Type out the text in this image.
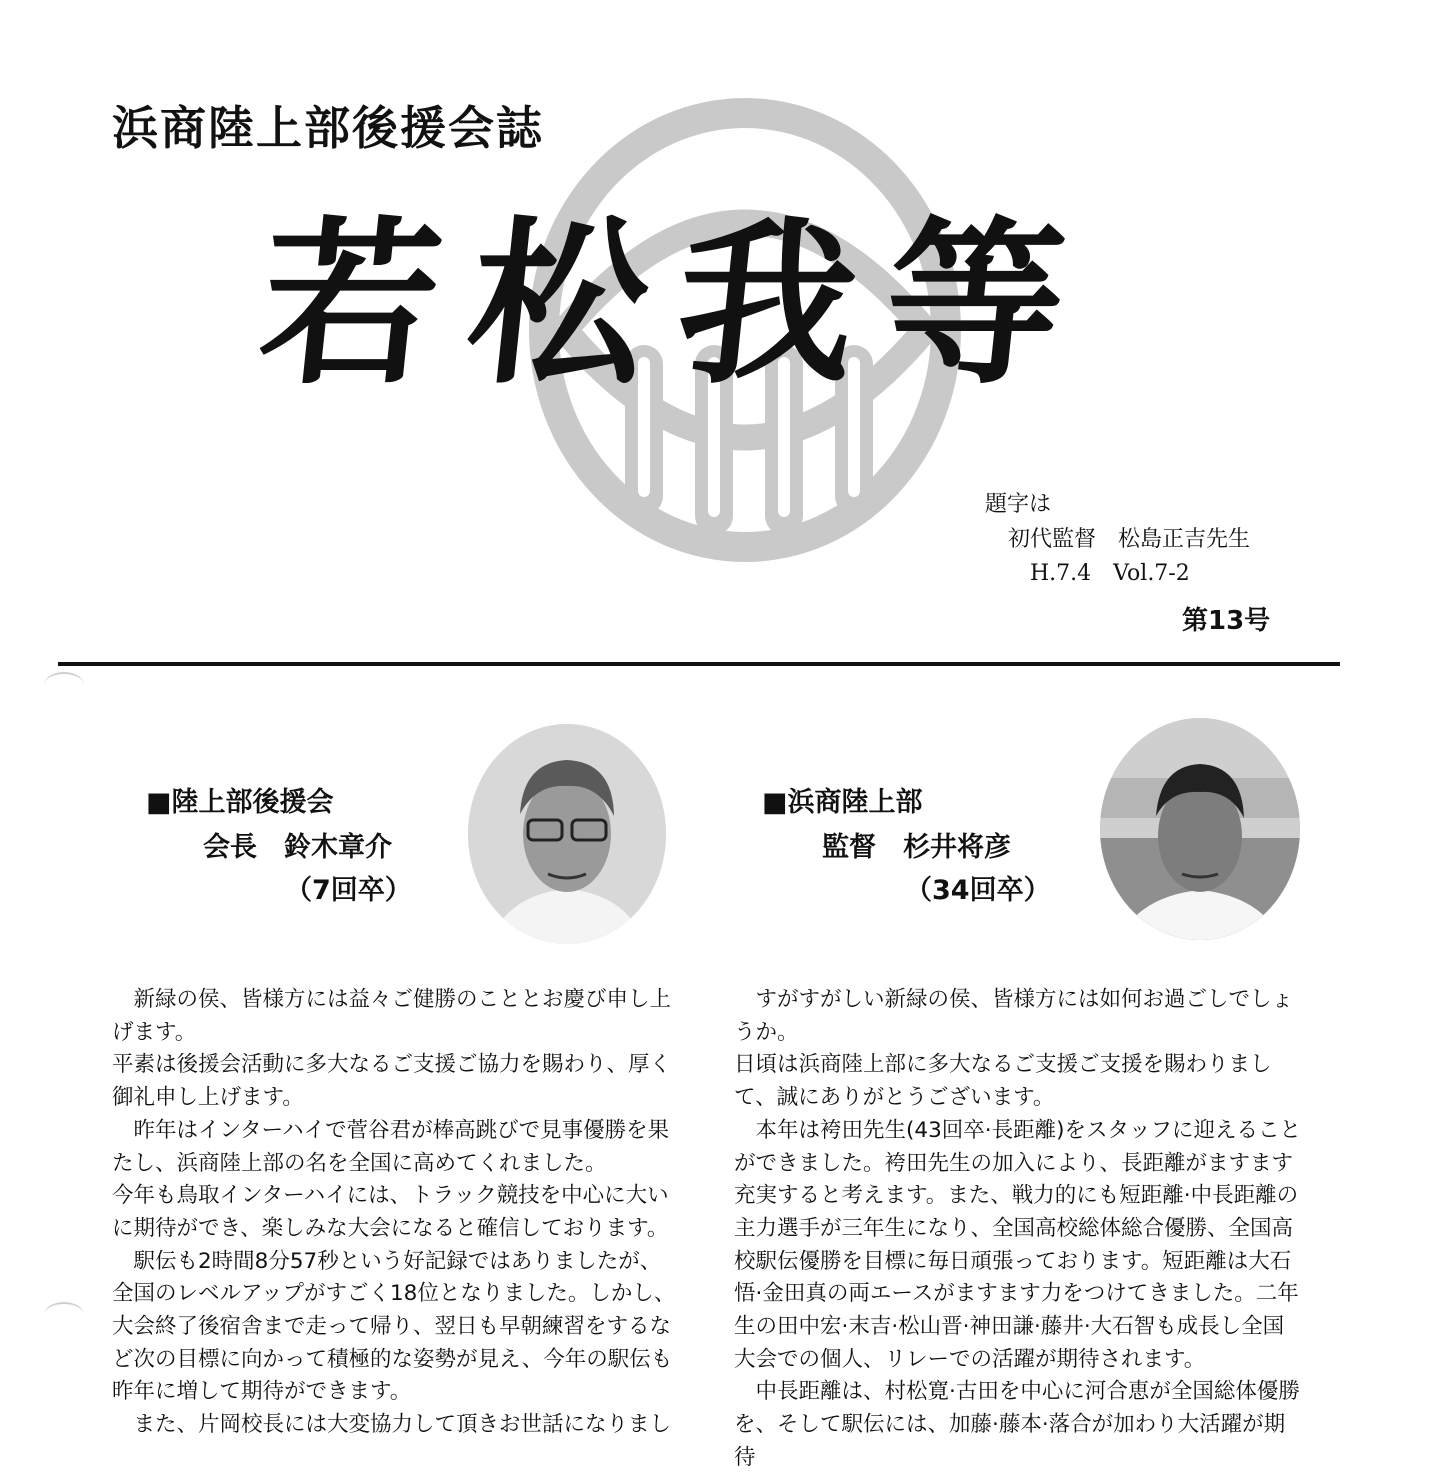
浜商陸上部後援会誌
若松我等
題字は
初代監督　松島正吉先生
H.7.4　Vol.7-2
第13号
■陸上部後援会
会長　鈴木章介
（7回卒）
■浜商陸上部
監督　杉井将彦
（34回卒）

新緑の侯、皆様方には益々ご健勝のこととお慶び申し上げます。

平素は後援会活動に多大なるご支援ご協力を賜わり、厚く御礼申し上げます。

昨年はインターハイで菅谷君が棒高跳びで見事優勝を果たし、浜商陸上部の名を全国に高めてくれました。

今年も鳥取インターハイには、トラック競技を中心に大いに期待ができ、楽しみな大会になると確信しております。

駅伝も2時間8分57秒という好記録ではありましたが、全国のレベルアップがすごく18位となりました。しかし、大会終了後宿舎まで走って帰り、翌日も早朝練習をするなど次の目標に向かって積極的な姿勢が見え、今年の駅伝も昨年に増して期待ができます。

また、片岡校長には大変協力して頂きお世話になりまし

すがすがしい新緑の侯、皆様方には如何お過ごしでしょうか。

日頃は浜商陸上部に多大なるご支援ご支援を賜わりまして、誠にありがとうございます。

本年は袴田先生(43回卒·長距離)をスタッフに迎えることができました。袴田先生の加入により、長距離がますます充実すると考えます。また、戦力的にも短距離·中長距離の主力選手が三年生になり、全国高校総体総合優勝、全国高校駅伝優勝を目標に毎日頑張っております。短距離は大石悟·金田真の両エースがますます力をつけてきました。二年生の田中宏·末吉·松山晋·神田謙·藤井·大石智も成長し全国大会での個人、リレーでの活躍が期待されます。

中長距離は、村松寛·古田を中心に河合恵が全国総体優勝を、そして駅伝には、加藤·藤本·落合が加わり大活躍が期待
